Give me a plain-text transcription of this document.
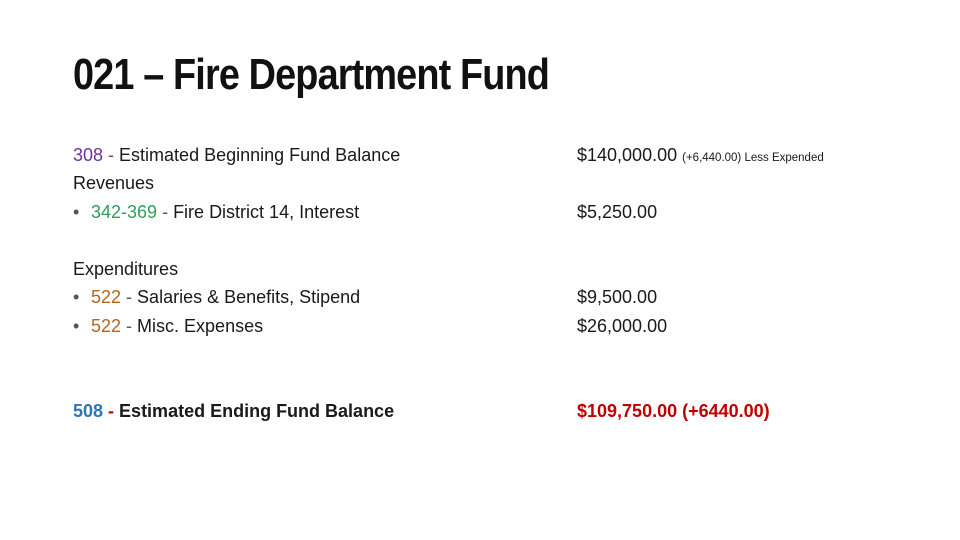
021 – Fire Department Fund
308 - Estimated Beginning Fund Balance	$140,000.00 (+6,440.00) Less Expended
Revenues
• 342-369 - Fire District 14, Interest	$5,250.00
Expenditures
• 522 - Salaries & Benefits, Stipend	$9,500.00
• 522 - Misc. Expenses	$26,000.00
508 - Estimated Ending Fund Balance	$109,750.00 (+6440.00)
